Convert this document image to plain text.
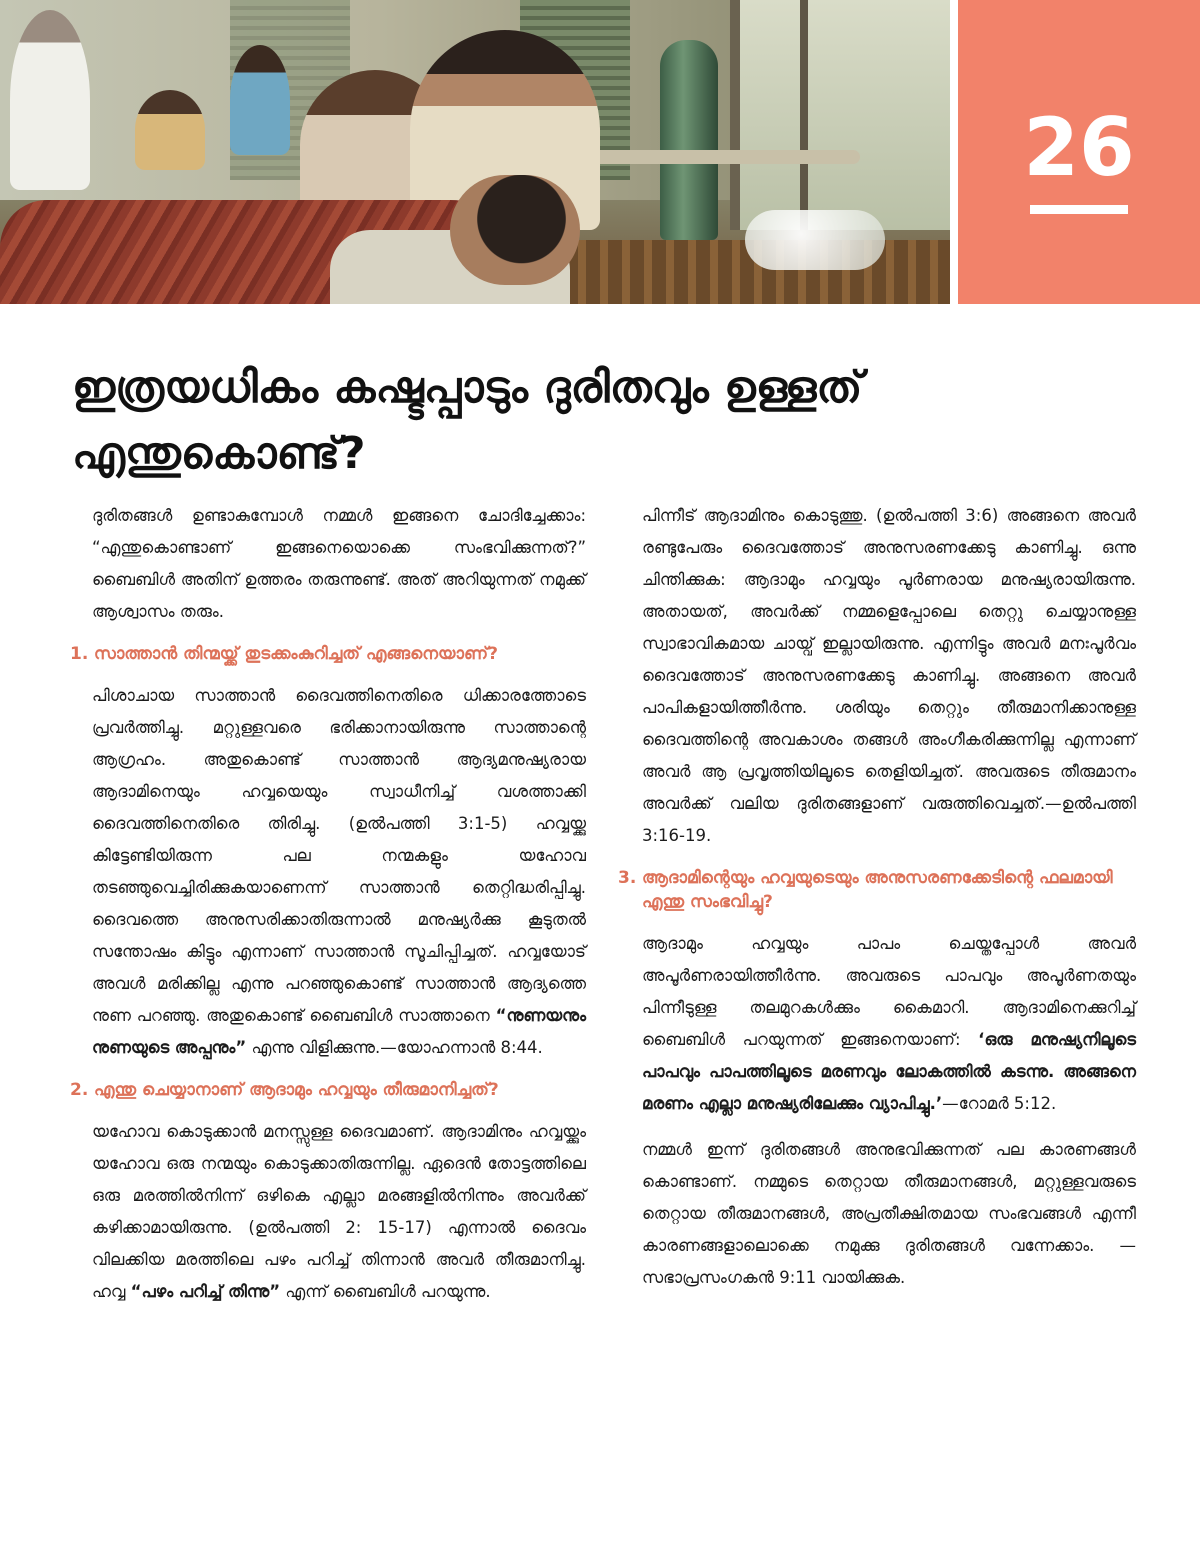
26
ഇത്രയധികം കഷ്ടപ്പാടും ദുരിതവും ഉള്ളത് എന്തുകൊണ്ട്?

ദുരിതങ്ങൾ ഉണ്ടാകുമ്പോൾ നമ്മൾ ഇങ്ങനെ ചോദിച്ചേക്കാം: “എന്തുകൊണ്ടാണ് ഇങ്ങനെയൊക്കെ സംഭവിക്കുന്നത്?” ബൈബിൾ അതിന് ഉത്തരം തരുന്നുണ്ട്. അത് അറിയുന്നത് നമുക്ക് ആശ്വാസം തരും.

1. സാത്താൻ തിന്മയ്ക്ക് തുടക്കംകുറിച്ചത് എങ്ങനെയാണ്?

പിശാചായ സാത്താൻ ദൈവത്തിനെതിരെ ധിക്കാരത്തോടെ പ്രവർത്തിച്ചു. മറ്റുള്ളവരെ ഭരിക്കാനായിരുന്നു സാത്താന്റെ ആഗ്രഹം. അതുകൊണ്ട് സാത്താൻ ആദ്യമനുഷ്യരായ ആദാമിനെയും ഹവ്വയെയും സ്വാധീനിച്ച് വശത്താക്കി ദൈവത്തിനെതിരെ തിരിച്ചു. (ഉൽപത്തി 3:1-5) ഹവ്വയ്ക്കു കിട്ടേണ്ടിയിരുന്ന പല നന്മകളും യഹോവ തടഞ്ഞുവെച്ചിരിക്കുകയാണെന്ന് സാത്താൻ തെറ്റിദ്ധരിപ്പിച്ചു. ദൈവത്തെ അനുസരിക്കാതിരുന്നാൽ മനുഷ്യർക്കു കൂടുതൽ സന്തോഷം കിട്ടും എന്നാണ് സാത്താൻ സൂചിപ്പിച്ചത്. ഹവ്വയോട് അവൾ മരിക്കില്ല എന്നു പറഞ്ഞുകൊണ്ട് സാത്താൻ ആദ്യത്തെ നുണ പറഞ്ഞു. അതുകൊണ്ട് ബൈബിൾ സാത്താനെ “നുണയനും നുണയുടെ അപ്പനും” എന്നു വിളിക്കുന്നു.—യോഹന്നാൻ 8:44.

2. എന്തു ചെയ്യാനാണ് ആദാമും ഹവ്വയും തീരുമാനിച്ചത്?

യഹോവ കൊടുക്കാൻ മനസ്സുള്ള ദൈവമാണ്. ആദാമിനും ഹവ്വയ്ക്കും യഹോവ ഒരു നന്മയും കൊടുക്കാതിരുന്നില്ല. ഏദെൻ തോട്ടത്തിലെ ഒരു മരത്തിൽനിന്ന് ഒഴികെ എല്ലാ മരങ്ങളിൽനിന്നും അവർക്ക് കഴിക്കാമായിരുന്നു. (ഉൽപത്തി 2: 15-17) എന്നാൽ ദൈവം വിലക്കിയ മരത്തിലെ പഴം പറിച്ച് തിന്നാൻ അവർ തീരുമാനിച്ചു. ഹവ്വ “പഴം പറിച്ച് തിന്നു” എന്ന് ബൈബിൾ പറയുന്നു.

പിന്നീട് ആദാമിനും കൊടുത്തു. (ഉൽപത്തി 3:6) അങ്ങനെ അവർ രണ്ടുപേരും ദൈവത്തോട് അനുസരണക്കേടു കാണിച്ചു. ഒന്നു ചിന്തിക്കുക: ആദാമും ഹവ്വയും പൂർണരായ മനുഷ്യരായിരുന്നു. അതായത്, അവർക്ക് നമ്മളെപ്പോലെ തെറ്റു ചെയ്യാനുള്ള സ്വാഭാവികമായ ചായ്വ് ഇല്ലായിരുന്നു. എന്നിട്ടും അവർ മനഃപൂർവം ദൈവത്തോട് അനുസരണക്കേടു കാണിച്ചു. അങ്ങനെ അവർ പാപികളായിത്തീർന്നു. ശരിയും തെറ്റും തീരുമാനിക്കാനുള്ള ദൈവത്തിന്റെ അവകാശം തങ്ങൾ അംഗീകരിക്കുന്നില്ല എന്നാണ് അവർ ആ പ്രവൃത്തിയിലൂടെ തെളിയിച്ചത്. അവരുടെ തീരുമാനം അവർക്ക് വലിയ ദുരിതങ്ങളാണ് വരുത്തിവെച്ചത്.—ഉൽപത്തി 3:16-19.

3. ആദാമിന്റെയും ഹവ്വയുടെയും അനുസരണക്കേടിന്റെ ഫലമായി എന്തു സംഭവിച്ചു?

ആദാമും ഹവ്വയും പാപം ചെയ്തപ്പോൾ അവർ അപൂർണരായിത്തീർന്നു. അവരുടെ പാപവും അപൂർണതയും പിന്നീടുള്ള തലമുറകൾക്കും കൈമാറി. ആദാമിനെക്കുറിച്ച് ബൈബിൾ പറയുന്നത് ഇങ്ങനെയാണ്: ‘ഒരു മനുഷ്യനിലൂടെ പാപവും പാപത്തിലൂടെ മരണവും ലോകത്തിൽ കടന്നു. അങ്ങനെ മരണം എല്ലാ മനുഷ്യരിലേക്കും വ്യാപിച്ചു.’—റോമർ 5:12.

നമ്മൾ ഇന്ന് ദുരിതങ്ങൾ അനുഭവിക്കുന്നത് പല കാരണങ്ങൾ കൊണ്ടാണ്. നമ്മുടെ തെറ്റായ തീരുമാനങ്ങൾ, മറ്റുള്ളവരുടെ തെറ്റായ തീരുമാനങ്ങൾ, അപ്രതീക്ഷിതമായ സംഭവങ്ങൾ എന്നീ കാരണങ്ങളാലൊക്കെ നമുക്കു ദുരിതങ്ങൾ വന്നേക്കാം. —സഭാപ്രസംഗകൻ 9:11 വായിക്കുക.
